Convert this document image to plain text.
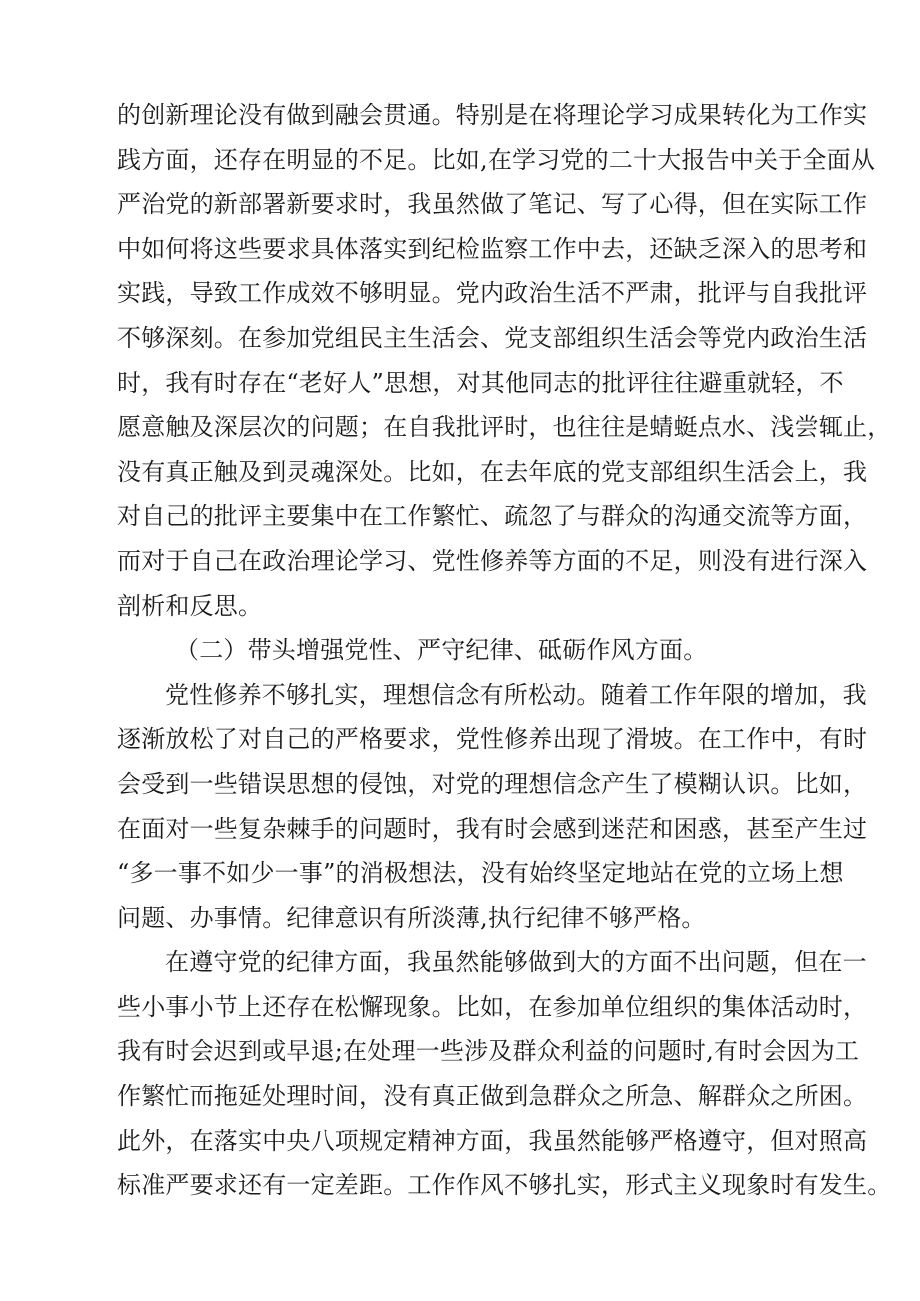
的创新理论没有做到融会贯通。特别是在将理论学习成果转化为工作实
践方面，还存在明显的不足。比如,在学习党的二十大报告中关于全面从
严治党的新部署新要求时，我虽然做了笔记、写了心得，但在实际工作
中如何将这些要求具体落实到纪检监察工作中去，还缺乏深入的思考和
实践，导致工作成效不够明显。党内政治生活不严肃，批评与自我批评
不够深刻。在参加党组民主生活会、党支部组织生活会等党内政治生活
时，我有时存在“老好人”思想，对其他同志的批评往往避重就轻，不
愿意触及深层次的问题；在自我批评时，也往往是蜻蜓点水、浅尝辄止，
没有真正触及到灵魂深处。比如，在去年底的党支部组织生活会上，我
对自己的批评主要集中在工作繁忙、疏忽了与群众的沟通交流等方面，
而对于自己在政治理论学习、党性修养等方面的不足，则没有进行深入
剖析和反思。
（二）带头增强党性、严守纪律、砥砺作风方面。
党性修养不够扎实，理想信念有所松动。随着工作年限的增加，我
逐渐放松了对自己的严格要求，党性修养出现了滑坡。在工作中，有时
会受到一些错误思想的侵蚀，对党的理想信念产生了模糊认识。比如，
在面对一些复杂棘手的问题时，我有时会感到迷茫和困惑，甚至产生过
“多一事不如少一事”的消极想法，没有始终坚定地站在党的立场上想
问题、办事情。纪律意识有所淡薄,执行纪律不够严格。
在遵守党的纪律方面，我虽然能够做到大的方面不出问题，但在一
些小事小节上还存在松懈现象。比如，在参加单位组织的集体活动时，
我有时会迟到或早退;在处理一些涉及群众利益的问题时,有时会因为工
作繁忙而拖延处理时间，没有真正做到急群众之所急、解群众之所困。
此外，在落实中央八项规定精神方面，我虽然能够严格遵守，但对照高
标准严要求还有一定差距。工作作风不够扎实，形式主义现象时有发生。
